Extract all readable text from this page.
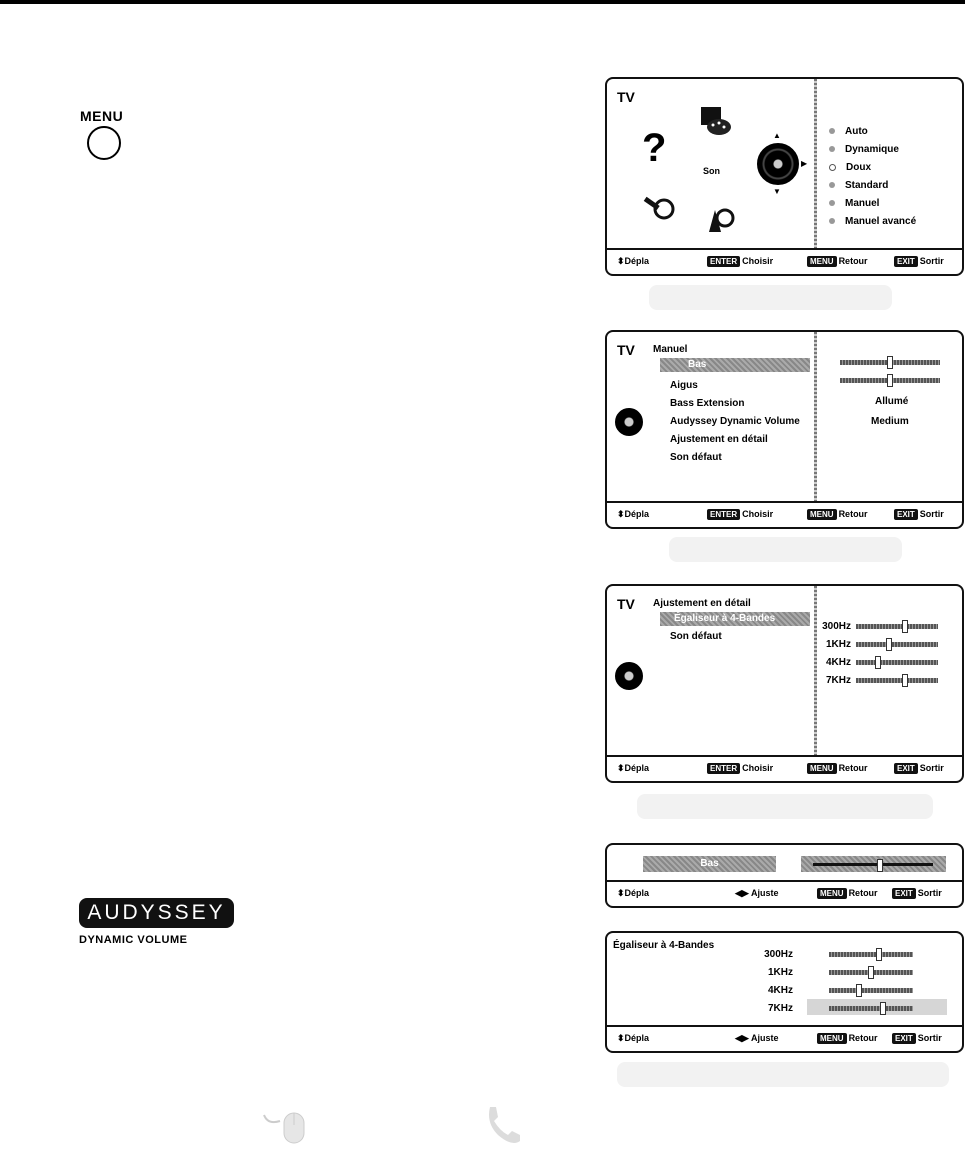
MENU
TV
?
Son
▲
▼
▶
Auto
Dynamique
Doux
Standard
Manuel
Manuel avancé
⬍Dépla	ENTER Choisir	MENU Retour	EXIT Sortir
TV Manuel
Bas
Aigus
Bass Extension
Audyssey Dynamic Volume
Ajustement en détail
Son défaut
Allumé
Medium
⬍Dépla	ENTER Choisir	MENU Retour	EXIT Sortir
TV Ajustement en détail
Égaliseur à 4-Bandes
Son défaut
300Hz
1KHz
4KHz
7KHz
⬍Dépla	ENTER Choisir	MENU Retour	EXIT Sortir
Bas
⬍Dépla	◀▶ Ajuste	MENU Retour	EXIT Sortir
Égaliseur à 4-Bandes
300Hz
1KHz
4KHz
7KHz
⬍Dépla	◀▶ Ajuste	MENU Retour	EXIT Sortir
AUDYSSEY
DYNAMIC VOLUME
